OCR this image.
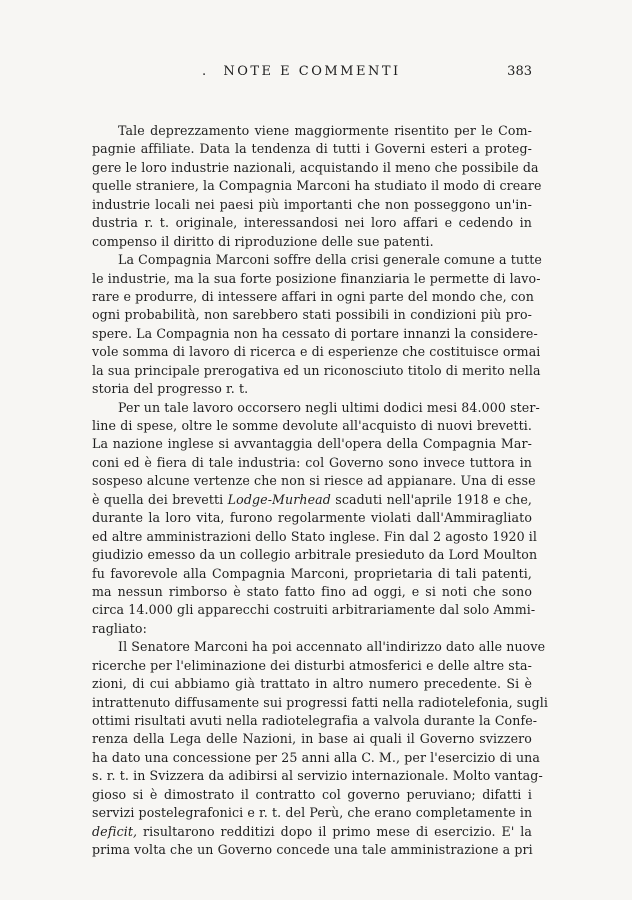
.	NOTE E COMMENTI	383
Tale deprezzamento viene maggiormente risentito per le Com-
pagnie affiliate. Data la tendenza di tutti i Governi esteri a proteg-
gere le loro industrie nazionali, acquistando il meno che possibile da
quelle straniere, la Compagnia Marconi ha studiato il modo di creare
industrie locali nei paesi più importanti che non posseggono un'in-
dustria r. t. originale, interessandosi nei loro affari e cedendo in
compenso il diritto di riproduzione delle sue patenti.
La Compagnia Marconi soffre della crisi generale comune a tutte
le industrie, ma la sua forte posizione finanziaria le permette di lavo-
rare e produrre, di intessere affari in ogni parte del mondo che, con
ogni probabilità, non sarebbero stati possibili in condizioni più pro-
spere. La Compagnia non ha cessato di portare innanzi la considere-
vole somma di lavoro di ricerca e di esperienze che costituisce ormai
la sua principale prerogativa ed un riconosciuto titolo di merito nella
storia del progresso r. t.
Per un tale lavoro occorsero negli ultimi dodici mesi 84.000 ster-
line di spese, oltre le somme devolute all'acquisto di nuovi brevetti.
La nazione inglese si avvantaggia dell'opera della Compagnia Mar-
coni ed è fiera di tale industria: col Governo sono invece tuttora in
sospeso alcune vertenze che non si riesce ad appianare. Una di esse
è quella dei brevetti Lodge-Murhead scaduti nell'aprile 1918 e che,
durante la loro vita, furono regolarmente violati dall'Ammiragliato
ed altre amministrazioni dello Stato inglese. Fin dal 2 agosto 1920 il
giudizio emesso da un collegio arbitrale presieduto da Lord Moulton
fu favorevole alla Compagnia Marconi, proprietaria di tali patenti,
ma nessun rimborso è stato fatto fino ad oggi, e si noti che sono
circa 14.000 gli apparecchi costruiti arbitrariamente dal solo Ammi-
ragliato:
Il Senatore Marconi ha poi accennato all'indirizzo dato alle nuove
ricerche per l'eliminazione dei disturbi atmosferici e delle altre sta-
zioni, di cui abbiamo già trattato in altro numero precedente. Si è
intrattenuto diffusamente sui progressi fatti nella radiotelefonia, sugli
ottimi risultati avuti nella radiotelegrafia a valvola durante la Confe-
renza della Lega delle Nazioni, in base ai quali il Governo svizzero
ha dato una concessione per 25 anni alla C. M., per l'esercizio di una
s. r. t. in Svizzera da adibirsi al servizio internazionale. Molto vantag-
gioso si è dimostrato il contratto col governo peruviano; difatti i
servizi postelegrafonici e r. t. del Perù, che erano completamente in
deficit, risultarono redditizi dopo il primo mese di esercizio. E' la
prima volta che un Governo concede una tale amministrazione a pri
